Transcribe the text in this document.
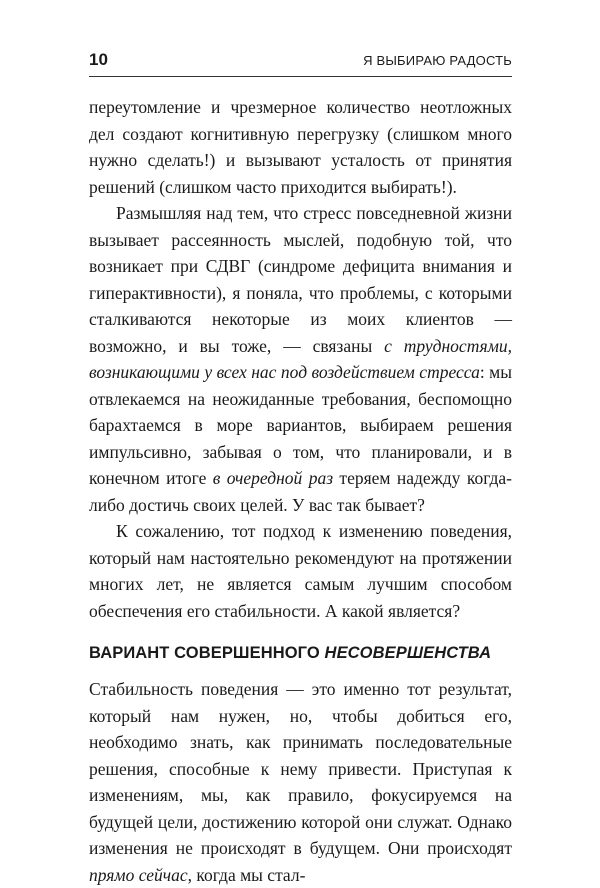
10	Я ВЫБИРАЮ РАДОСТЬ

переутомление и чрезмерное количество неотложных дел создают когнитивную перегрузку (слишком много нужно сделать!) и вызывают усталость от принятия решений (слишком часто приходится выбирать!).

Размышляя над тем, что стресс повседневной жизни вызывает рассеянность мыслей, подобную той, что возникает при СДВГ (синдроме дефицита внимания и гиперактивности), я поняла, что проблемы, с которыми сталкиваются некоторые из моих клиентов — возможно, и вы тоже, — связаны с трудностями, возникающими у всех нас под воздействием стресса: мы отвлекаемся на неожиданные требования, беспомощно барахтаемся в море вариантов, выбираем решения импульсивно, забывая о том, что планировали, и в конечном итоге в очередной раз теряем надежду когда-либо достичь своих целей. У вас так бывает?

К сожалению, тот подход к изменению поведения, который нам настоятельно рекомендуют на протяжении многих лет, не является самым лучшим способом обеспечения его стабильности. А какой является?

ВАРИАНТ СОВЕРШЕННОГО НЕСОВЕРШЕНСТВА

Стабильность поведения — это именно тот результат, который нам нужен, но, чтобы добиться его, необходимо знать, как принимать последовательные решения, способные к нему привести. Приступая к изменениям, мы, как правило, фокусируемся на будущей цели, достижению которой они служат. Однако изменения не происходят в будущем. Они происходят прямо сейчас, когда мы стал-
